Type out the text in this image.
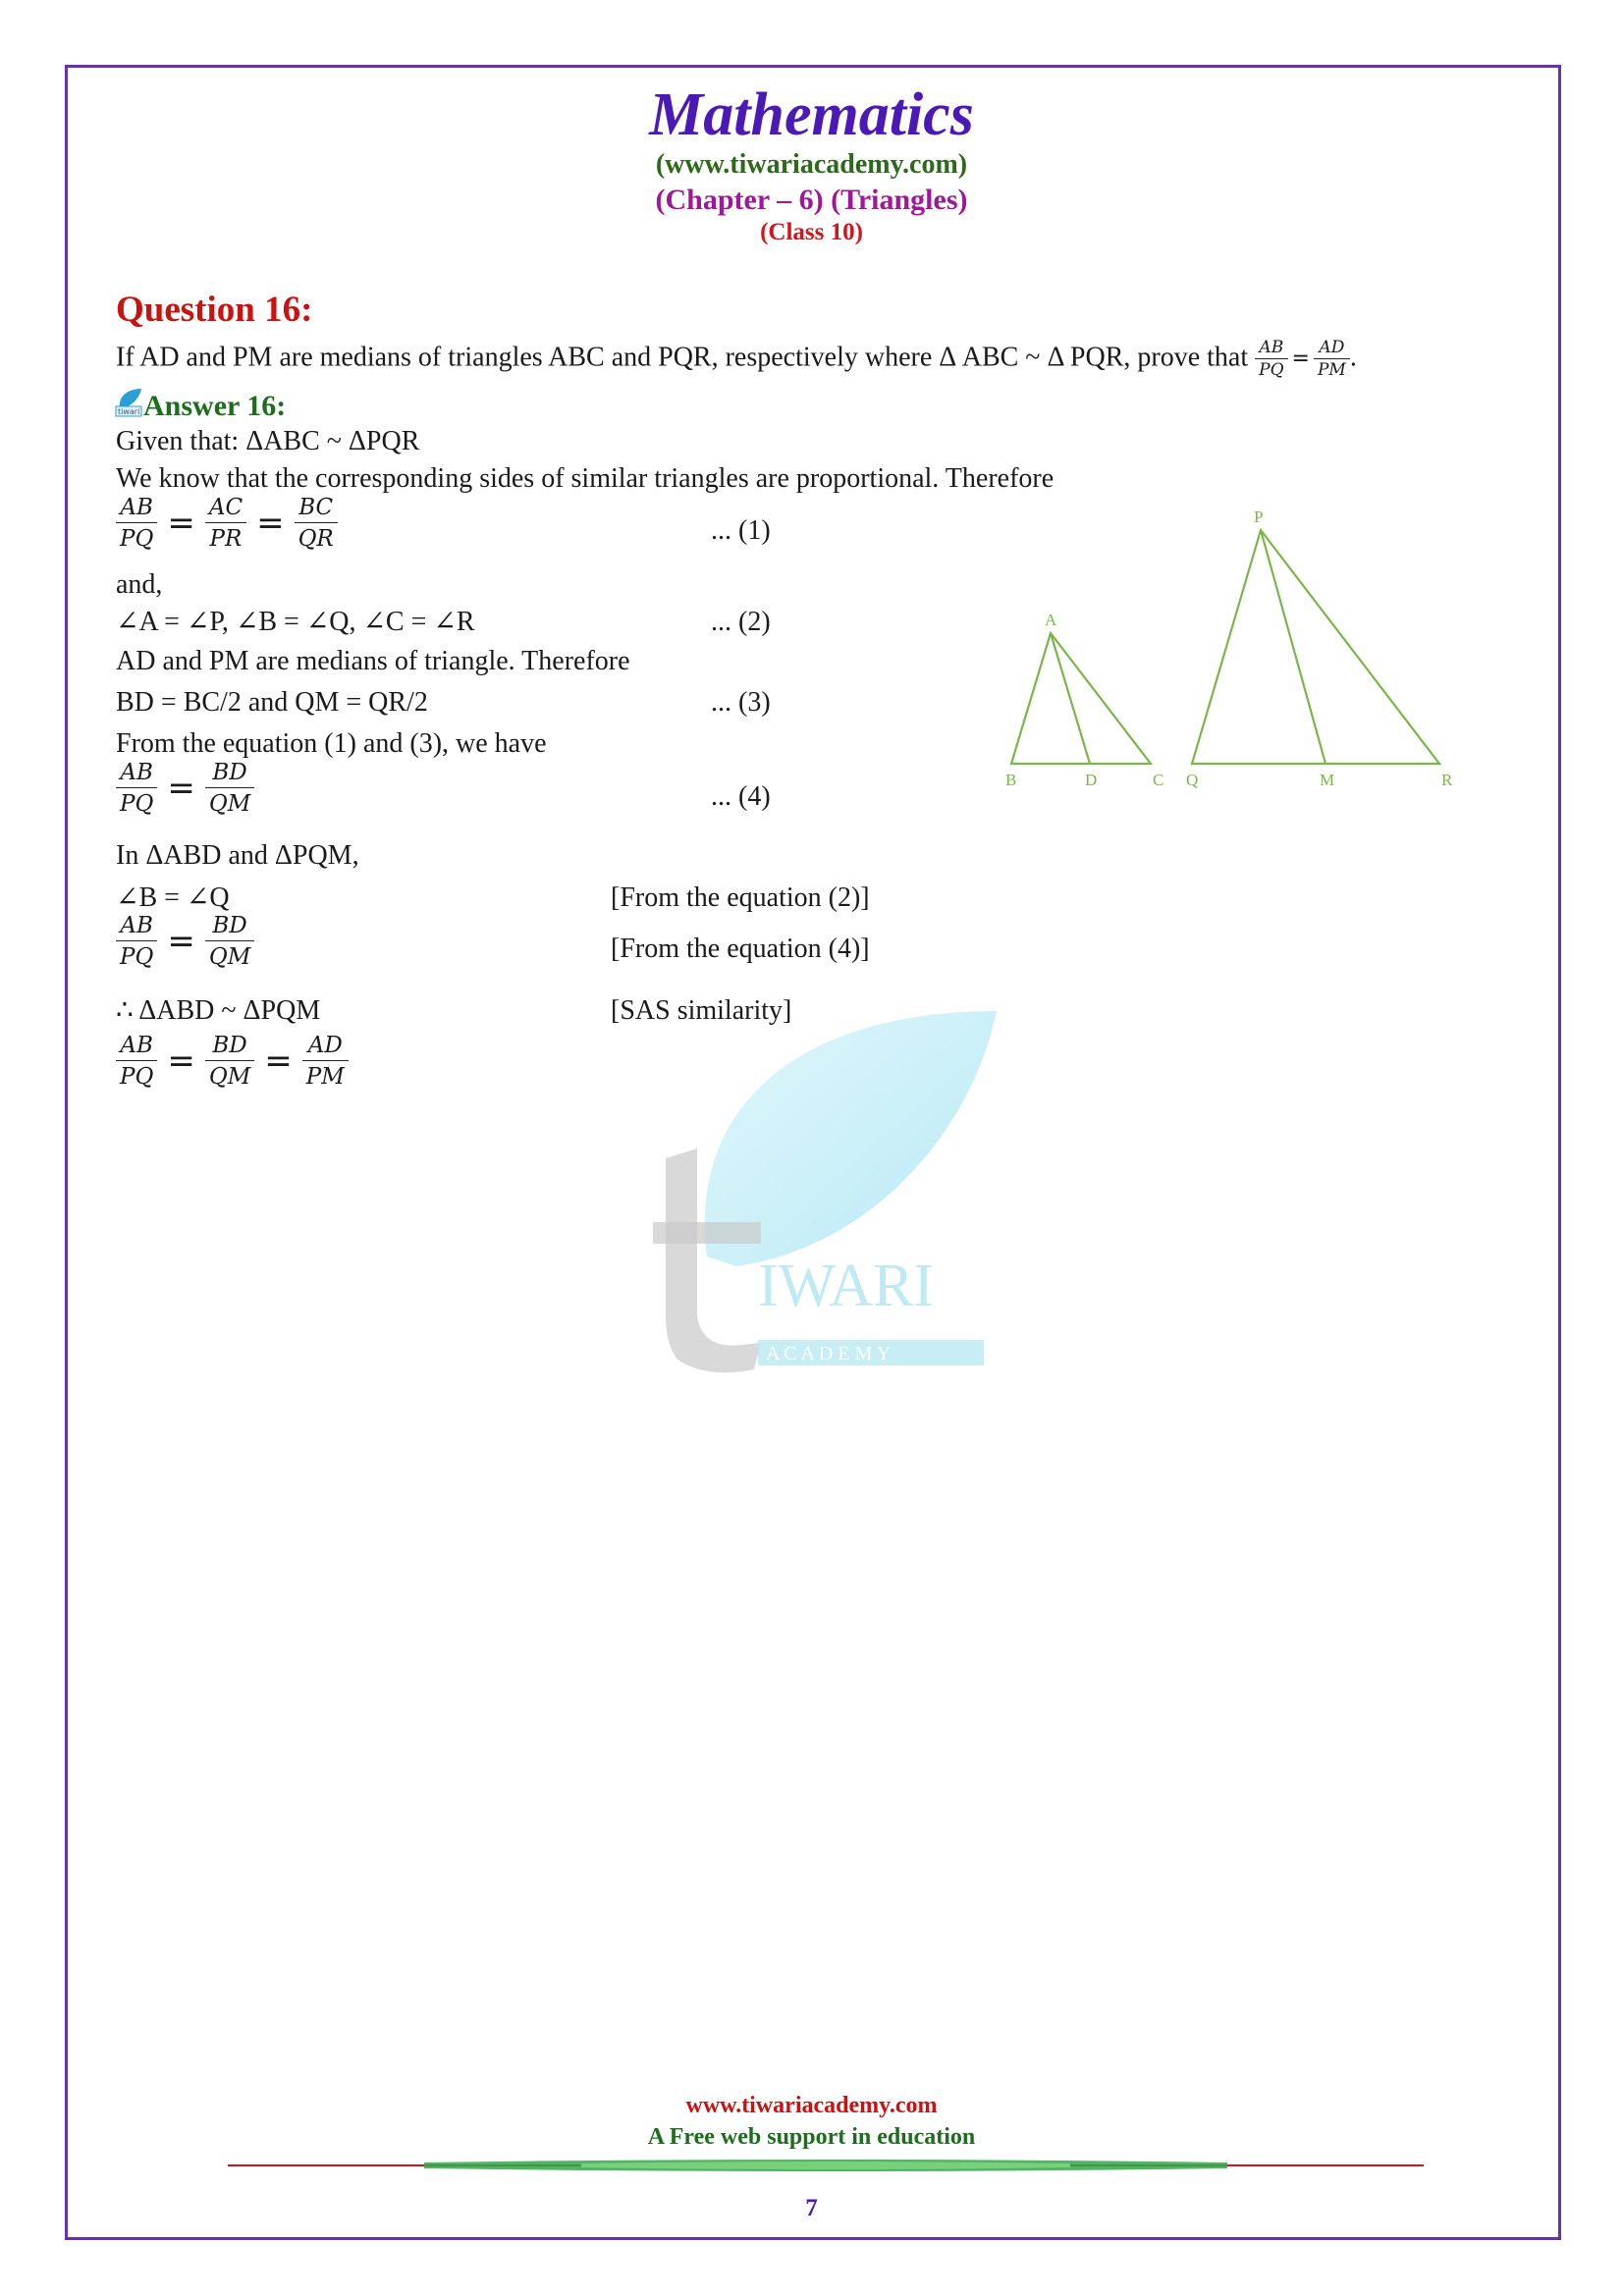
Mathematics
(www.tiwariacademy.com)
(Chapter – 6) (Triangles)
(Class 10)
IWARI
A C A D E M Y
Question 16:
If AD and PM are medians of triangles ABC and PQR, respectively where Δ ABC ~ Δ PQR, prove that $\frac{AB}{PQ} = \frac{AD}{PM}$ .
tiwari Answer 16:
Given that: ΔABC ~ ΔPQR
We know that the corresponding sides of similar triangles are proportional. Therefore
$\frac{AB}{PQ} = \frac{AC}{PR} = \frac{BC}{QR}$	... (1)
and,
∠A = ∠P, ∠B = ∠Q, ∠C = ∠R	... (2)
AD and PM are medians of triangle. Therefore
BD = BC/2 and QM = QR/2	... (3)
From the equation (1) and (3), we have
$\frac{AB}{PQ} = \frac{BD}{QM}$	... (4)
In ΔABD and ΔPQM,
∠B = ∠Q	[From the equation (2)]
$\frac{AB}{PQ} = \frac{BD}{QM}$	[From the equation (4)]
∴ ΔABD ~ ΔPQM	[SAS similarity]
$\frac{AB}{PQ} = \frac{BD}{QM} = \frac{AD}{PM}$
A
B	D	C
P
Q	M	R
www.tiwariacademy.com
A Free web support in education
7
